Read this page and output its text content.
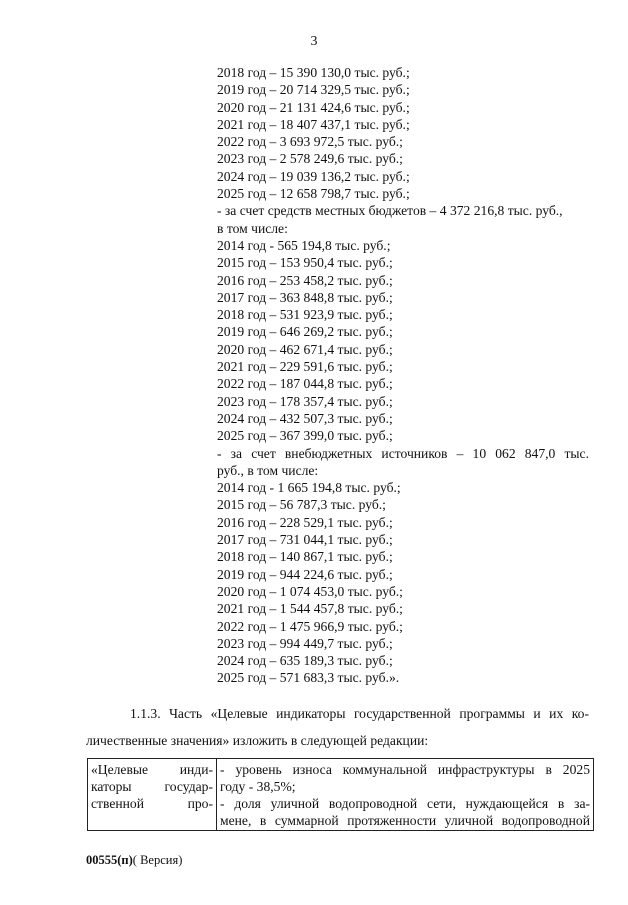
3
2018 год – 15 390 130,0 тыс. руб.;
2019 год – 20 714 329,5 тыс. руб.;
2020 год – 21 131 424,6 тыс. руб.;
2021 год – 18 407 437,1 тыс. руб.;
2022 год – 3 693 972,5 тыс. руб.;
2023 год – 2 578 249,6 тыс. руб.;
2024 год – 19 039 136,2 тыс. руб.;
2025 год – 12 658 798,7 тыс. руб.;
- за счет средств местных бюджетов – 4 372 216,8 тыс. руб.,
в том числе:
2014 год - 565 194,8 тыс. руб.;
2015 год – 153 950,4 тыс. руб.;
2016 год – 253 458,2 тыс. руб.;
2017 год – 363 848,8 тыс. руб.;
2018 год – 531 923,9 тыс. руб.;
2019 год – 646 269,2 тыс. руб.;
2020 год – 462 671,4 тыс. руб.;
2021 год – 229 591,6 тыс. руб.;
2022 год – 187 044,8 тыс. руб.;
2023 год – 178 357,4 тыс. руб.;
2024 год – 432 507,3 тыс. руб.;
2025 год – 367 399,0 тыс. руб.;
- за счет внебюджетных источников – 10 062 847,0 тыс.
руб., в том числе:
2014 год - 1 665 194,8 тыс. руб.;
2015 год – 56 787,3 тыс. руб.;
2016 год – 228 529,1 тыс. руб.;
2017 год – 731 044,1 тыс. руб.;
2018 год – 140 867,1 тыс. руб.;
2019 год – 944 224,6 тыс. руб.;
2020 год – 1 074 453,0 тыс. руб.;
2021 год – 1 544 457,8 тыс. руб.;
2022 год – 1 475 966,9 тыс. руб.;
2023 год – 994 449,7 тыс. руб.;
2024 год – 635 189,3 тыс. руб.;
2025 год – 571 683,3 тыс. руб.».
1.1.3. Часть «Целевые индикаторы государственной программы и их ко-
личественные значения» изложить в следующей редакции:
«Целевые инди-
каторы государ-
ственной про-

- уровень износа коммунальной инфраструктуры в 2025
году - 38,5%;
- доля уличной водопроводной сети, нуждающейся в за-
мене, в суммарной протяженности уличной водопроводной
00555(п)( Версия)
